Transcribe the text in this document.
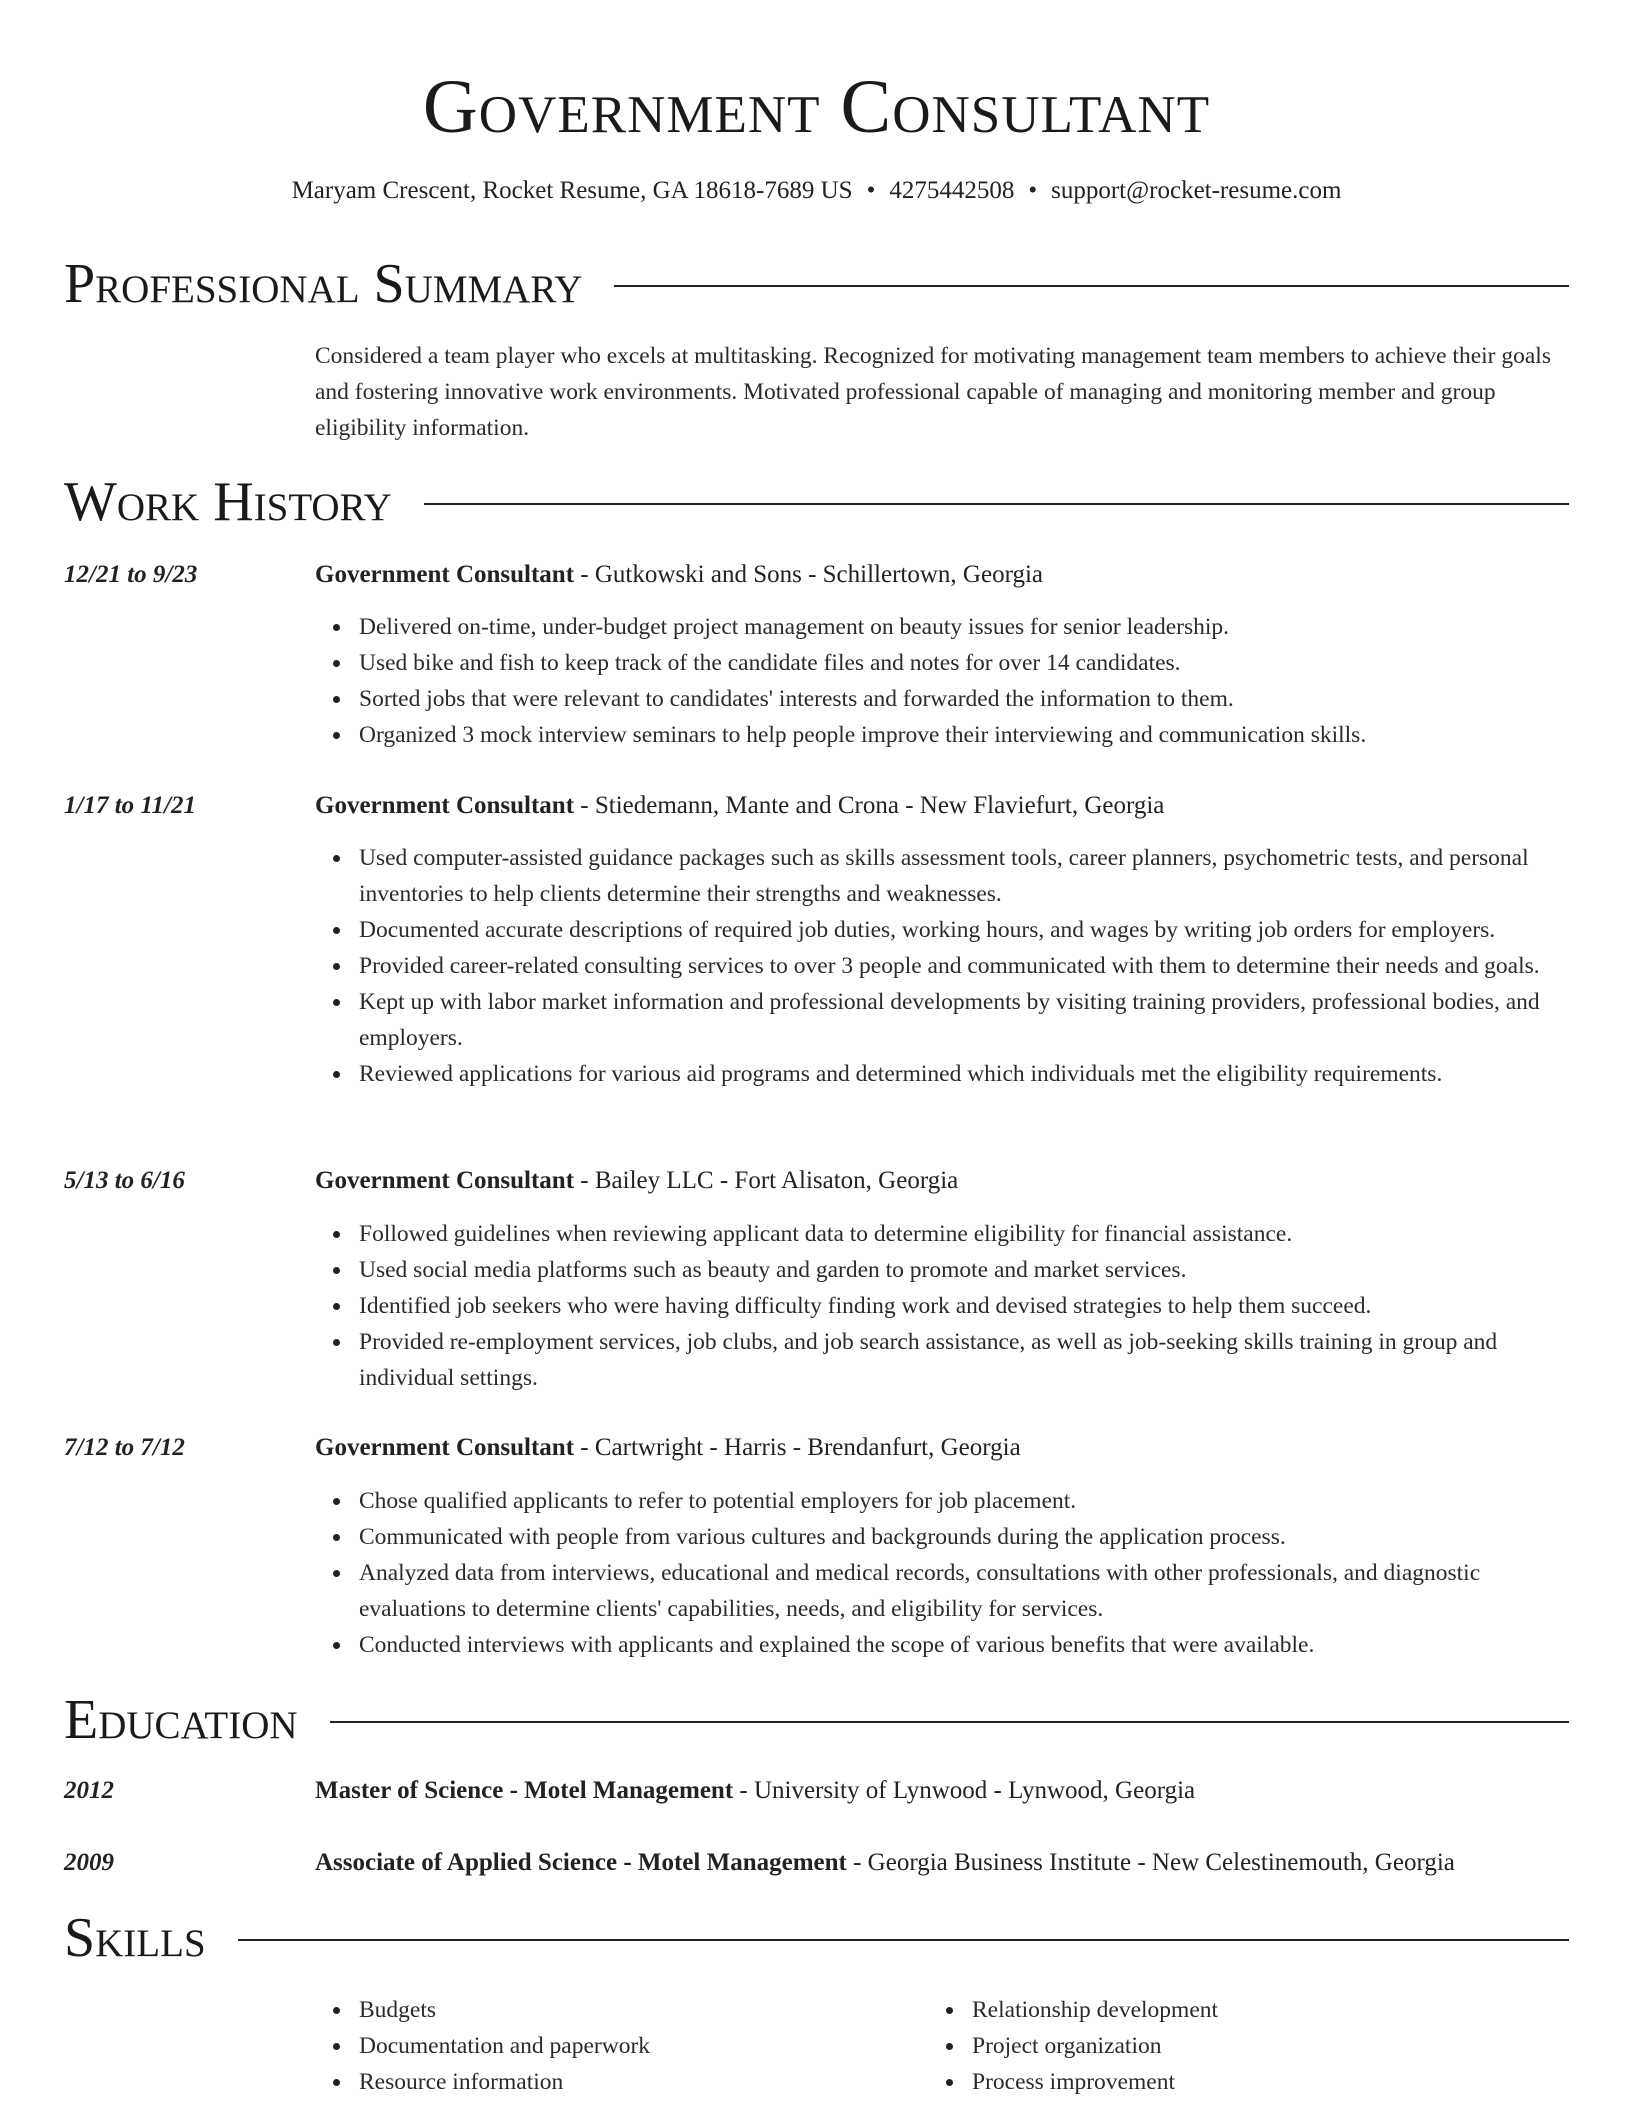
Government Consultant
Maryam Crescent, Rocket Resume, GA 18618-7689 US • 4275442508 • support@rocket-resume.com
Professional Summary
Considered a team player who excels at multitasking. Recognized for motivating management team members to achieve their goals and fostering innovative work environments. Motivated professional capable of managing and monitoring member and group eligibility information.
Work History
12/21 to 9/23	Government Consultant - Gutkowski and Sons - Schillertown, Georgia
Delivered on-time, under-budget project management on beauty issues for senior leadership.
Used bike and fish to keep track of the candidate files and notes for over 14 candidates.
Sorted jobs that were relevant to candidates' interests and forwarded the information to them.
Organized 3 mock interview seminars to help people improve their interviewing and communication skills.
1/17 to 11/21	Government Consultant - Stiedemann, Mante and Crona - New Flaviefurt, Georgia
Used computer-assisted guidance packages such as skills assessment tools, career planners, psychometric tests, and personal inventories to help clients determine their strengths and weaknesses.
Documented accurate descriptions of required job duties, working hours, and wages by writing job orders for employers.
Provided career-related consulting services to over 3 people and communicated with them to determine their needs and goals.
Kept up with labor market information and professional developments by visiting training providers, professional bodies, and employers.
Reviewed applications for various aid programs and determined which individuals met the eligibility requirements.
5/13 to 6/16	Government Consultant - Bailey LLC - Fort Alisaton, Georgia
Followed guidelines when reviewing applicant data to determine eligibility for financial assistance.
Used social media platforms such as beauty and garden to promote and market services.
Identified job seekers who were having difficulty finding work and devised strategies to help them succeed.
Provided re-employment services, job clubs, and job search assistance, as well as job-seeking skills training in group and individual settings.
7/12 to 7/12	Government Consultant - Cartwright - Harris - Brendanfurt, Georgia
Chose qualified applicants to refer to potential employers for job placement.
Communicated with people from various cultures and backgrounds during the application process.
Analyzed data from interviews, educational and medical records, consultations with other professionals, and diagnostic evaluations to determine clients' capabilities, needs, and eligibility for services.
Conducted interviews with applicants and explained the scope of various benefits that were available.
Education
2012	Master of Science - Motel Management - University of Lynwood - Lynwood, Georgia
2009	Associate of Applied Science - Motel Management - Georgia Business Institute - New Celestinemouth, Georgia
Skills
Budgets
Documentation and paperwork
Resource information
Relationship development
Project organization
Process improvement
